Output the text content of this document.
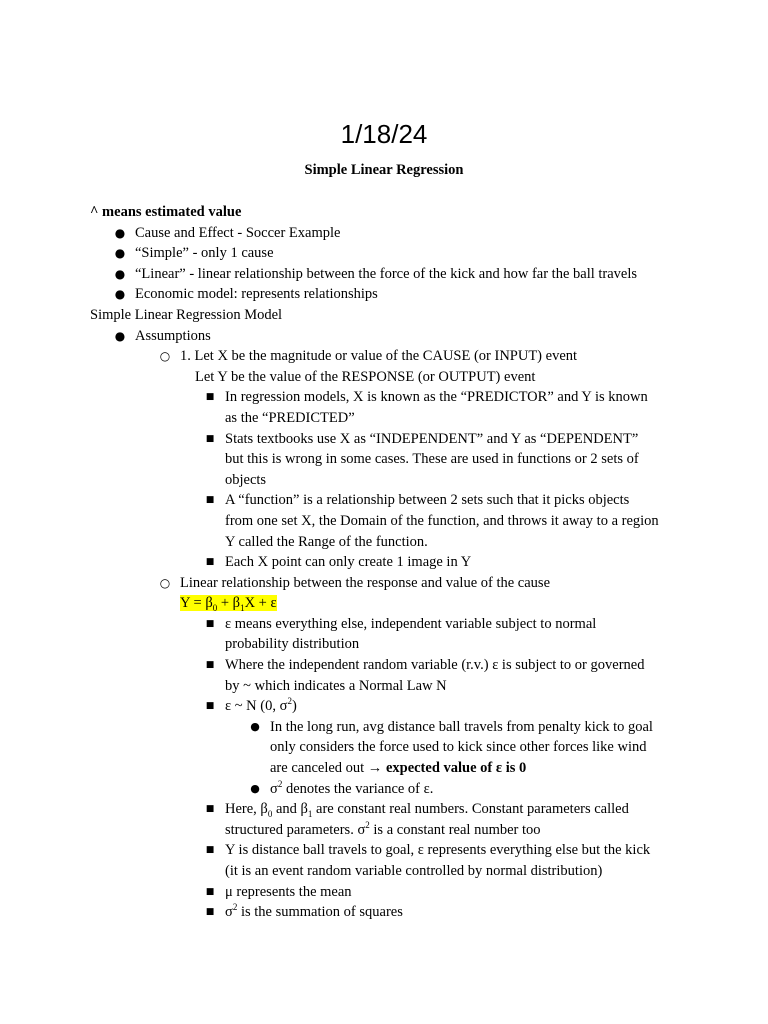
1/18/24
Simple Linear Regression
^ means estimated value
● Cause and Effect - Soccer Example
● “Simple” - only 1 cause
● “Linear” - linear relationship between the force of the kick and how far the ball travels
● Economic model: represents relationships
Simple Linear Regression Model
● Assumptions
○ 1. Let X be the magnitude or value of the CAUSE (or INPUT) event
Let Y be the value of the RESPONSE (or OUTPUT) event
■ In regression models, X is known as the “PREDICTOR” and Y is known
as the “PREDICTED”
■ Stats textbooks use X as “INDEPENDENT” and Y as “DEPENDENT”
but this is wrong in some cases. These are used in functions or 2 sets of
objects
■ A “function” is a relationship between 2 sets such that it picks objects
from one set X, the Domain of the function, and throws it away to a region
Y called the Range of the function.
■ Each X point can only create 1 image in Y
○ Linear relationship between the response and value of the cause
$Y = \beta_0 + \beta_1X + \varepsilon$
■ ε means everything else, independent variable subject to normal
probability distribution
■ Where the independent random variable (r.v.) ε is subject to or governed
by ~ which indicates a Normal Law N
■ ε ~ N (0, $\sigma^2$)
● In the long run, avg distance ball travels from penalty kick to goal
only considers the force used to kick since other forces like wind
are canceled out → expected value of ε is 0
● $\sigma^2$ denotes the variance of ε.
■ Here, $\beta_0$ and $\beta_1$ are constant real numbers. Constant parameters called
structured parameters. $\sigma^2$ is a constant real number too
■ Y is distance ball travels to goal, ε represents everything else but the kick
(it is an event random variable controlled by normal distribution)
■ μ represents the mean
■ $\sigma^2$ is the summation of squares
